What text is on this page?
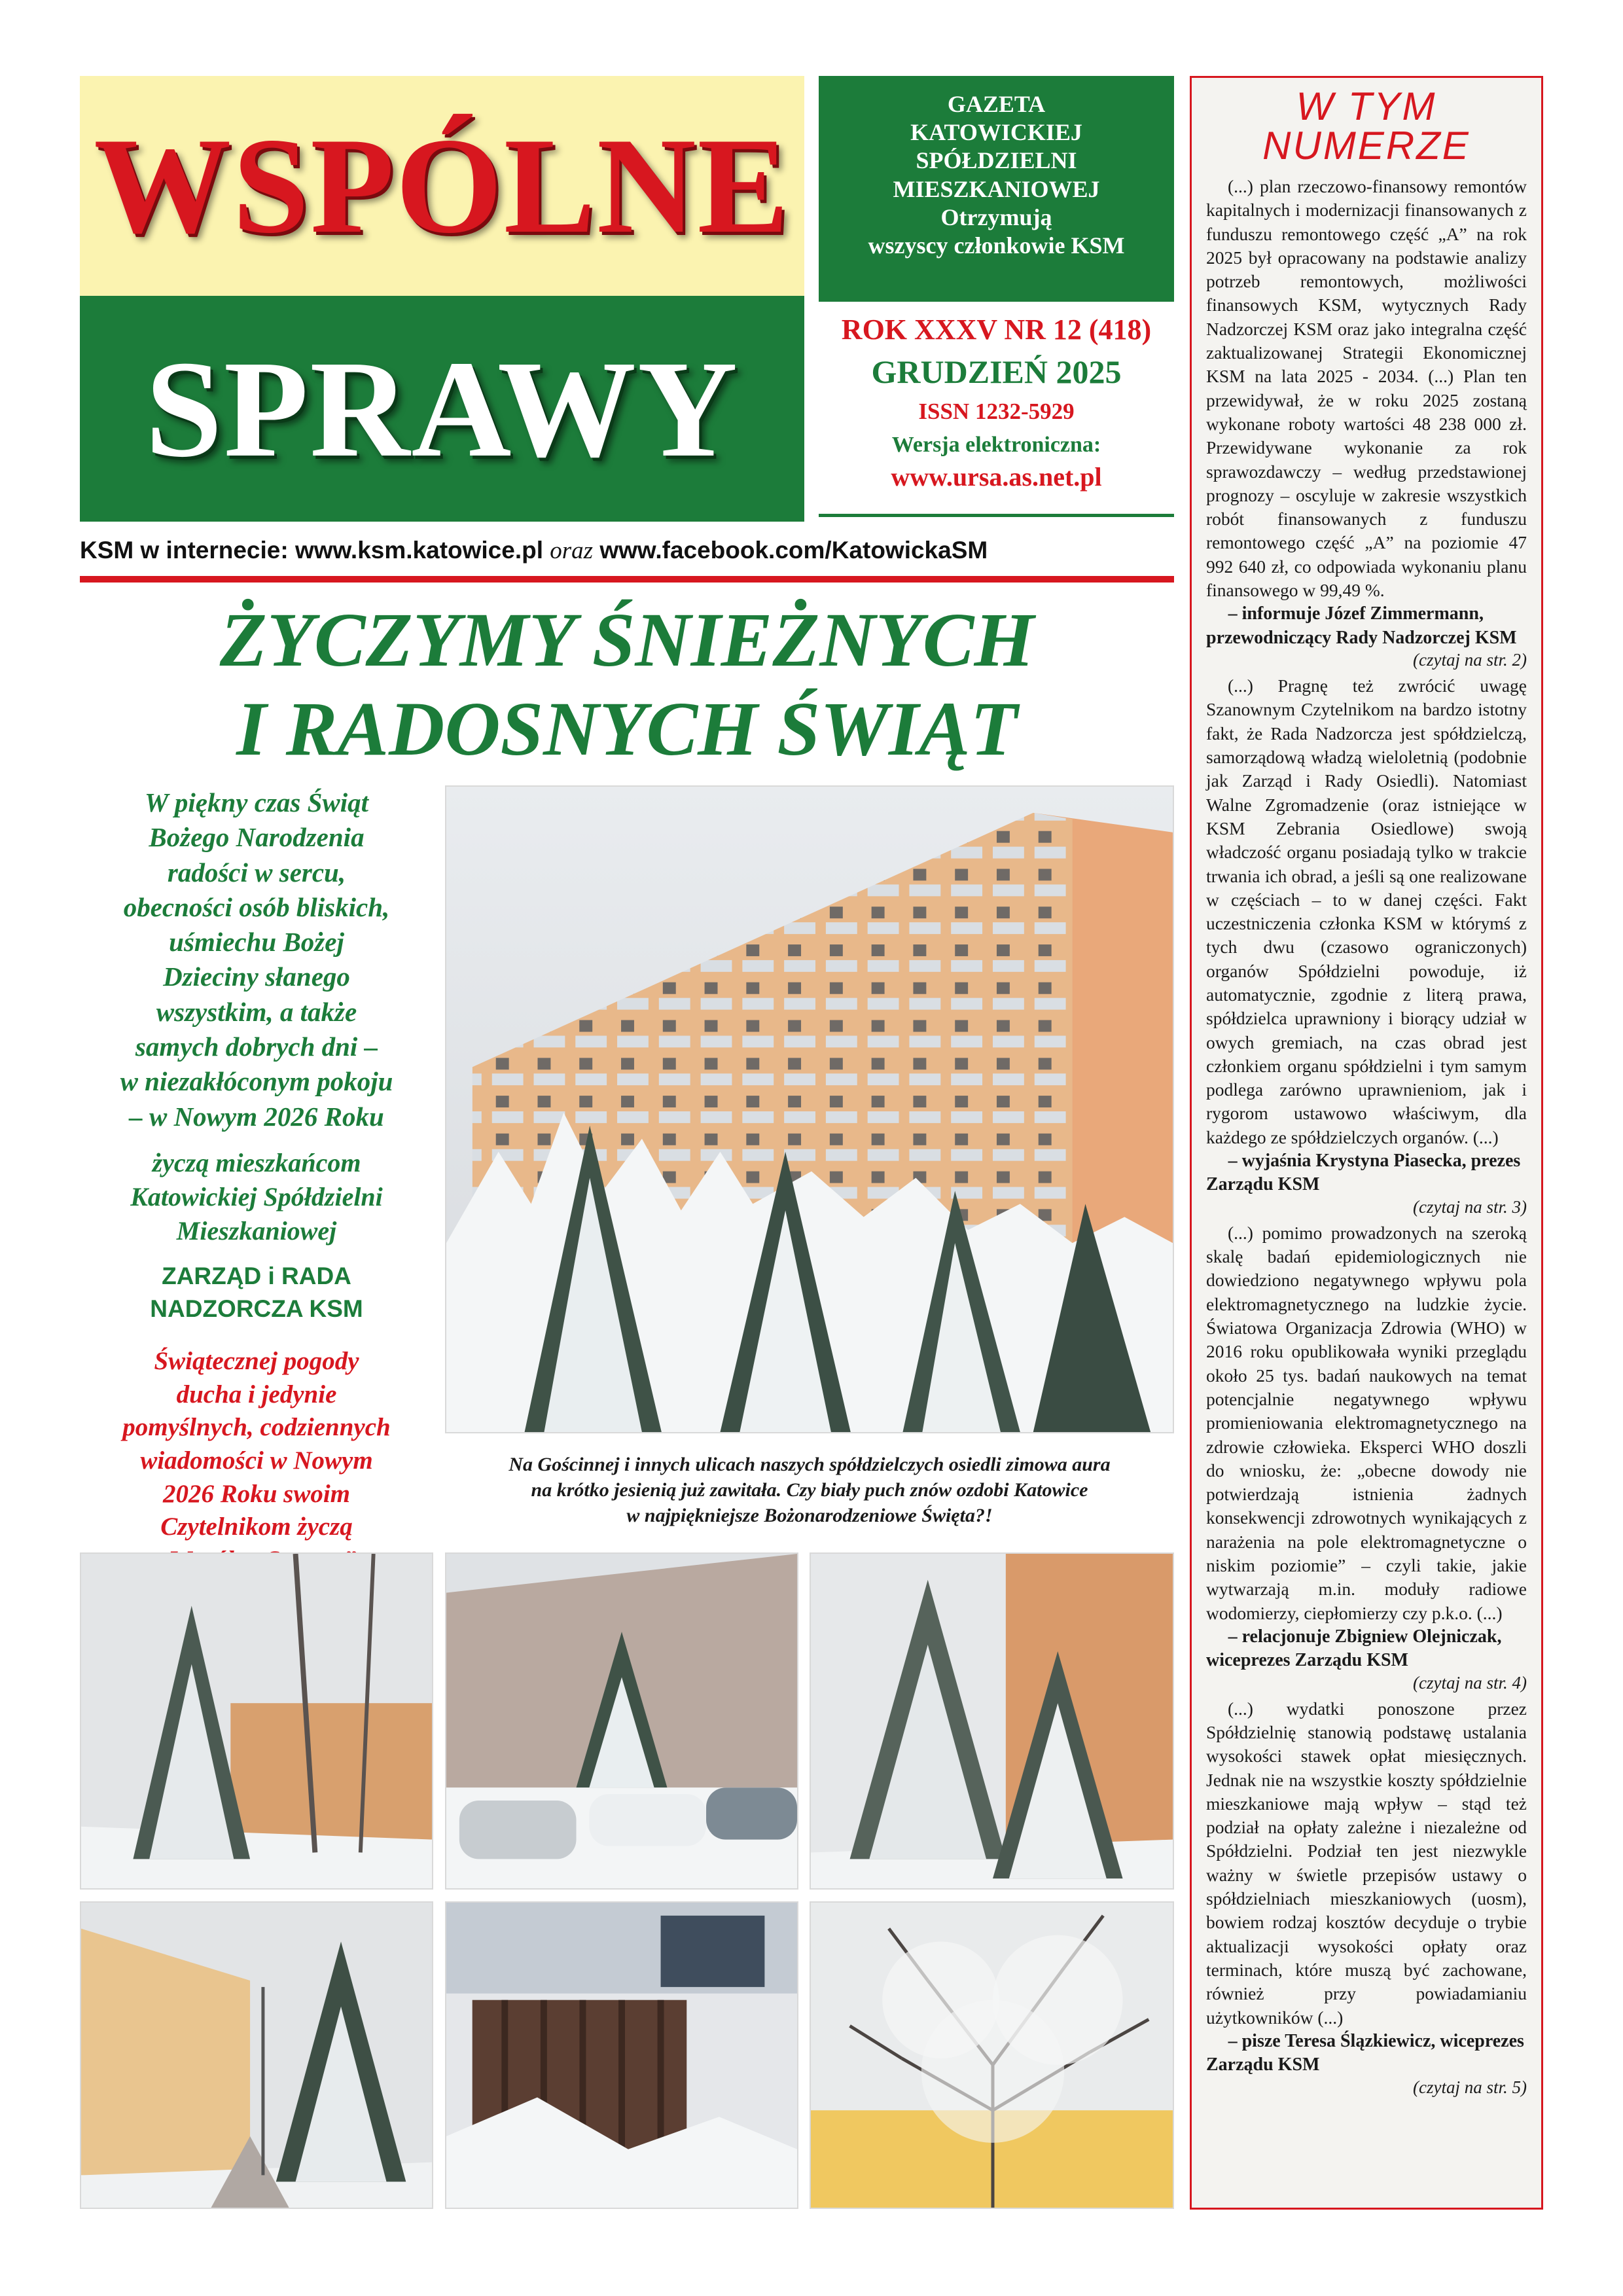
WSPÓLNE
SPRAWY
GAZETA
KATOWICKIEJ
SPÓŁDZIELNI
MIESZKANIOWEJ
Otrzymują
wszyscy członkowie KSM
ROK XXXV NR 12 (418)
GRUDZIEŃ 2025
ISSN 1232-5929
Wersja elektroniczna:
www.ursa.as.net.pl
KSM w internecie: www.ksm.katowice.pl oraz www.facebook.com/KatowickaSM
ŻYCZYMY ŚNIEŻNYCH
I RADOSNYCH ŚWIĄT
W piękny czas Świąt
Bożego Narodzenia
radości w sercu,
obecności osób bliskich,
uśmiechu Bożej
Dzieciny słanego
wszystkim, a także
samych dobrych dni –
w niezakłóconym pokoju
– w Nowym 2026 Roku
życzą mieszkańcom
Katowickiej Spółdzielni
Mieszkaniowej
ZARZĄD i RADA
NADZORCZA KSM
Świątecznej pogody
ducha i jedynie
pomyślnych, codziennych
wiadomości w Nowym
2026 Roku swoim
Czytelnikom życzą
Na Gościnnej i innych ulicach naszych spółdzielczych osiedli zimowa aura
na krótko jesienią już zawitała. Czy biały puch znów ozdobi Katowice
w najpiękniejsze Bożonarodzeniowe Święta?!
W TYM
NUMERZE

(...) plan rzeczowo-finansowy remontów kapitalnych i modernizacji finansowanych z funduszu remontowego część „A” na rok 2025 był opracowany na podstawie analizy potrzeb remontowych, możliwości finansowych KSM, wytycznych Rady Nadzorczej KSM oraz jako integralna część zaktualizowanej Strategii Ekonomicznej KSM na lata 2025 - 2034. (...) Plan ten przewidywał, że w roku 2025 zostaną wykonane roboty wartości 48 238 000 zł. Przewidywane wykonanie za rok sprawozdawczy – według przedstawionej prognozy – oscyluje w zakresie wszystkich robót finansowanych z funduszu remontowego część „A” na poziomie 47 992 640 zł, co odpowiada wykonaniu planu finansowego w 99,49 %.

– informuje Józef Zimmermann, przewodniczący Rady Nadzorczej KSM

(czytaj na str. 2)

(...) Pragnę też zwrócić uwagę Szanownym Czytelnikom na bardzo istotny fakt, że Rada Nadzorcza jest spółdzielczą, samorządową władzą wieloletnią (podobnie jak Zarząd i Rady Osiedli). Natomiast Walne Zgromadzenie (oraz istniejące w KSM Zebrania Osiedlowe) swoją władczość organu posiadają tylko w trakcie trwania ich obrad, a jeśli są one realizowane w częściach – to w danej części. Fakt uczestniczenia członka KSM w którymś z tych dwu (czasowo ograniczonych) organów Spółdzielni powoduje, iż automatycznie, zgodnie z literą prawa, spółdzielca uprawniony i biorący udział w owych gremiach, na czas obrad jest członkiem organu spółdzielni i tym samym podlega zarówno uprawnieniom, jak i rygorom ustawowo właściwym, dla każdego ze spółdzielczych organów. (...)

– wyjaśnia Krystyna Piasecka, prezes Zarządu KSM

(czytaj na str. 3)

(...) pomimo prowadzonych na szeroką skalę badań epidemiologicznych nie dowiedziono negatywnego wpływu pola elektromagnetycznego na ludzkie życie. Światowa Organizacja Zdrowia (WHO) w 2016 roku opublikowała wyniki przeglądu około 25 tys. badań naukowych na temat potencjalnie negatywnego wpływu promieniowania elektromagnetycznego na zdrowie człowieka. Eksperci WHO doszli do wniosku, że: „obecne dowody nie potwierdzają istnienia żadnych konsekwencji zdrowotnych wynikających z narażenia na pole elektromagnetyczne o niskim poziomie” – czyli takie, jakie wytwarzają m.in. moduły radiowe wodomierzy, ciepłomierzy czy p.k.o. (...)

– relacjonuje Zbigniew Olejniczak, wiceprezes Zarządu KSM

(czytaj na str. 4)

(...) wydatki ponoszone przez Spółdzielnię stanowią podstawę ustalania wysokości stawek opłat miesięcznych. Jednak nie na wszystkie koszty spółdzielnie mieszkaniowe mają wpływ – stąd też podział na opłaty zależne i niezależne od Spółdzielni. Podział ten jest niezwykle ważny w świetle przepisów ustawy o spółdzielniach mieszkaniowych (uosm), bowiem rodzaj kosztów decyduje o trybie aktualizacji wysokości opłaty oraz terminach, które muszą być zachowane, również przy powiadamianiu użytkowników (...)

– pisze Teresa Ślązkiewicz, wiceprezes Zarządu KSM

(czytaj na str. 5)
